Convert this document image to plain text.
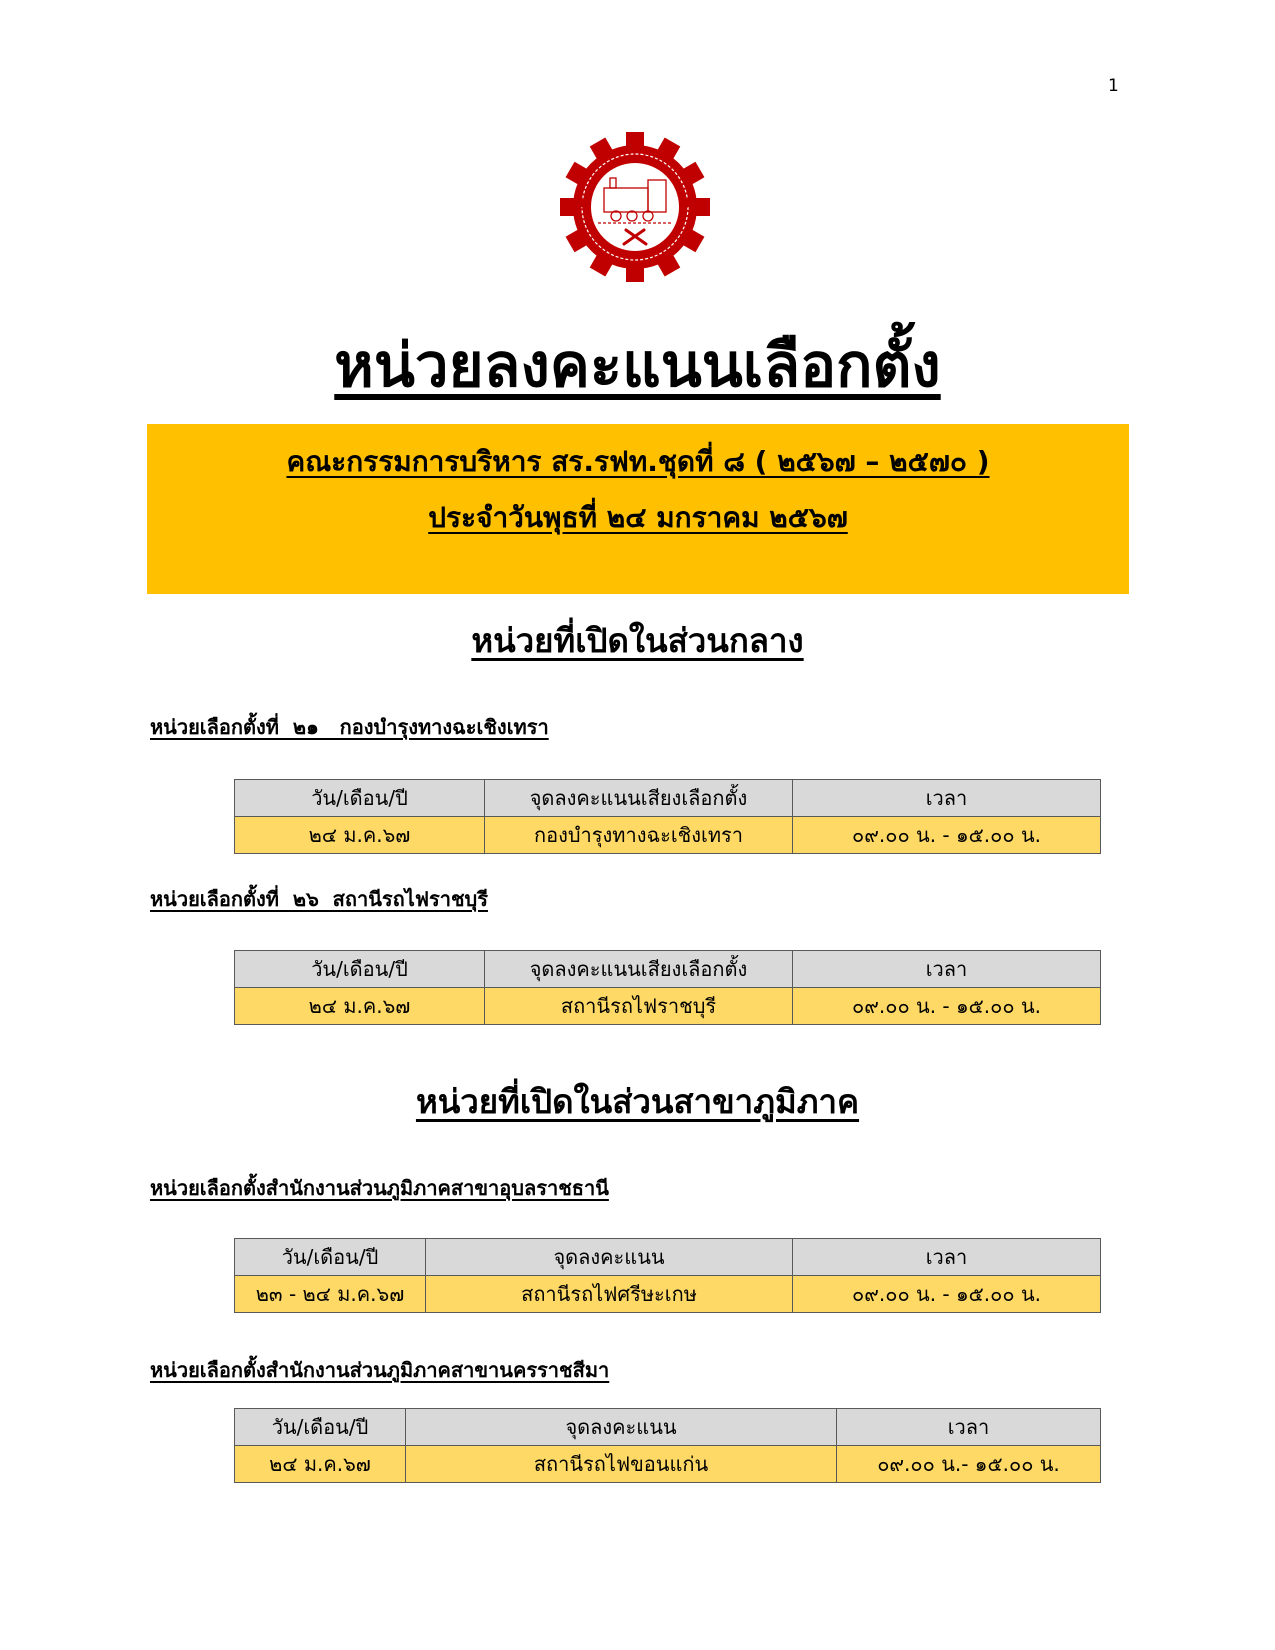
1
หน่วยลงคะแนนเลือกตั้ง
คณะกรรมการบริหาร สร.รฟท.ชุดที่ ๘ ( ๒๕๖๗ – ๒๕๗๐ )
ประจำวันพุธที่ ๒๔ มกราคม ๒๕๖๗
หน่วยที่เปิดในส่วนกลาง
หน่วยเลือกตั้งที่  ๒๑   กองบำรุงทางฉะเชิงเทรา
วัน/เดือน/ปี	จุดลงคะแนนเสียงเลือกตั้ง	เวลา
๒๔ ม.ค.๖๗	กองบำรุงทางฉะเชิงเทรา	๐๙.๐๐ น. - ๑๕.๐๐ น.
หน่วยเลือกตั้งที่  ๒๖  สถานีรถไฟราชบุรี
วัน/เดือน/ปี	จุดลงคะแนนเสียงเลือกตั้ง	เวลา
๒๔ ม.ค.๖๗	สถานีรถไฟราชบุรี	๐๙.๐๐ น. - ๑๕.๐๐ น.
หน่วยที่เปิดในส่วนสาขาภูมิภาค
หน่วยเลือกตั้งสำนักงานส่วนภูมิภาคสาขาอุบลราชธานี
วัน/เดือน/ปี	จุดลงคะแนน	เวลา
๒๓ - ๒๔ ม.ค.๖๗	สถานีรถไฟศรีษะเกษ	๐๙.๐๐ น. - ๑๕.๐๐ น.
หน่วยเลือกตั้งสำนักงานส่วนภูมิภาคสาขานครราชสีมา
วัน/เดือน/ปี	จุดลงคะแนน	เวลา
๒๔ ม.ค.๖๗	สถานีรถไฟขอนแก่น	๐๙.๐๐ น.- ๑๕.๐๐ น.
